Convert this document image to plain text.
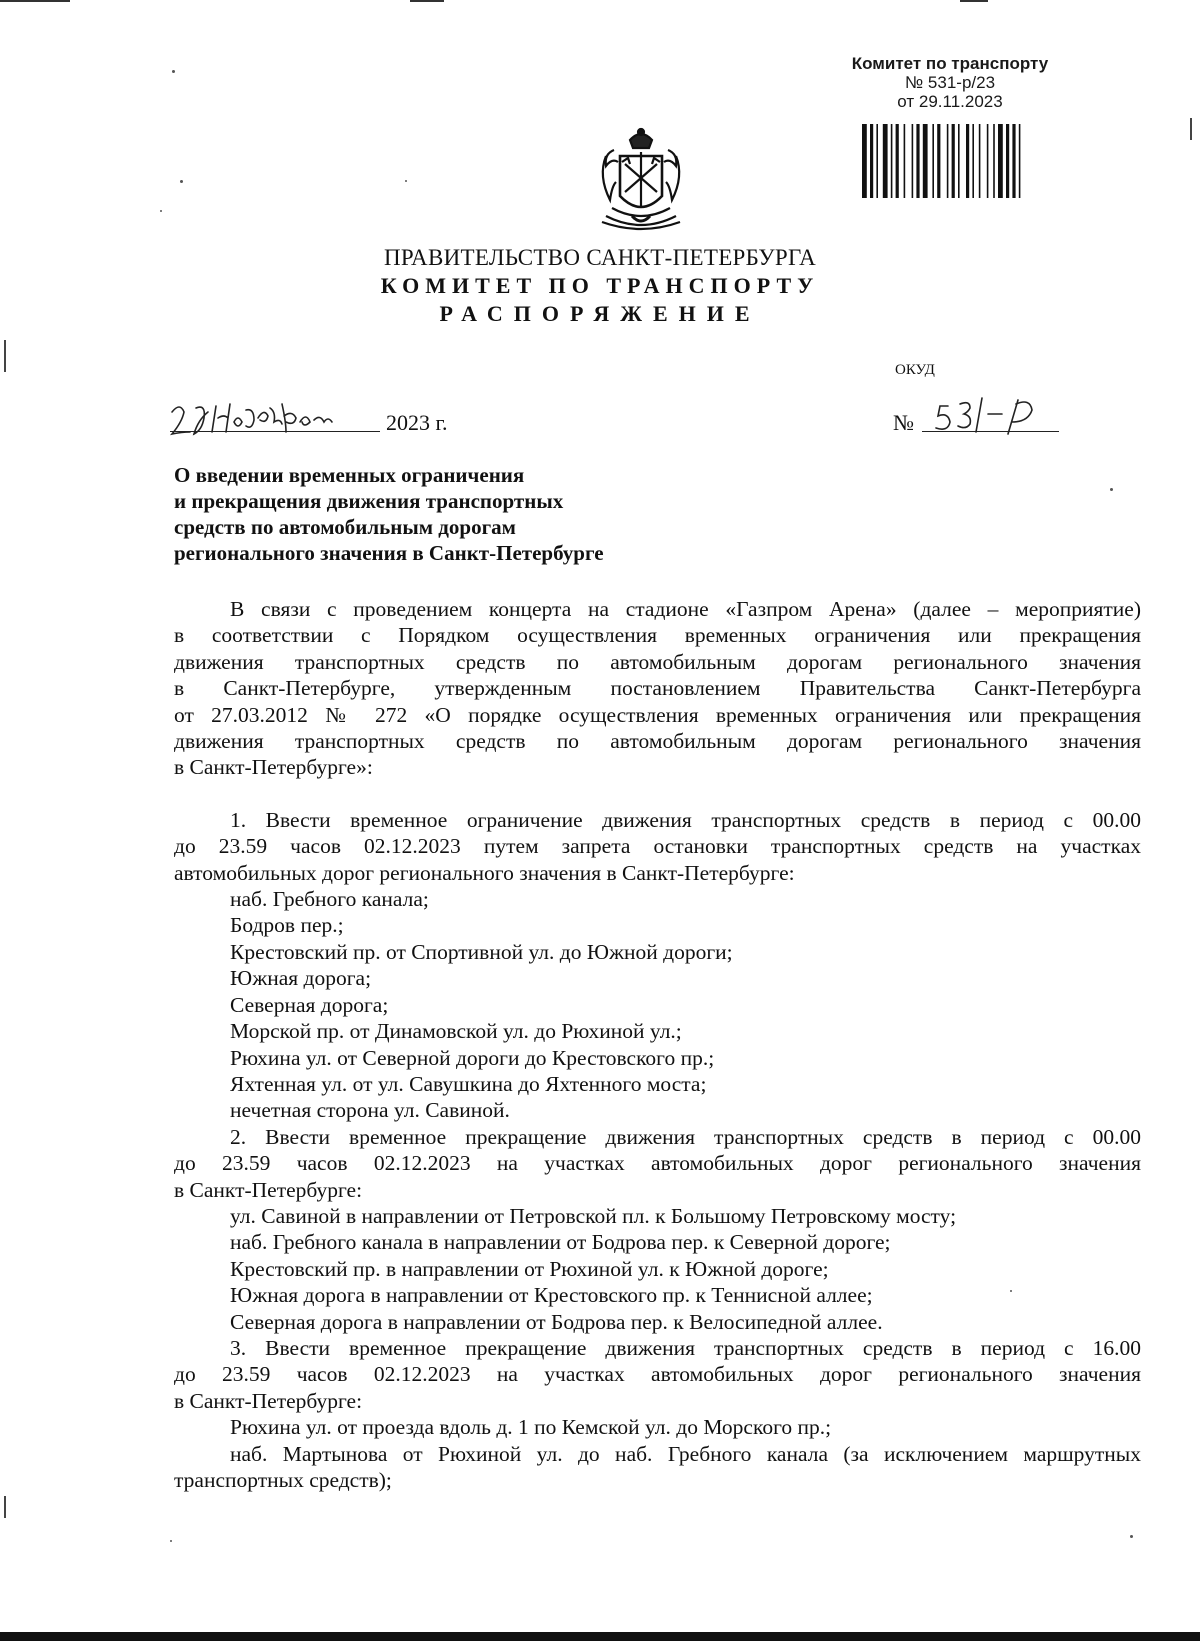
Комитет по транспорту
№ 531-р/23
от 29.11.2023
ПРАВИТЕЛЬСТВО САНКТ-ПЕТЕРБУРГА
КОМИТЕТ ПО ТРАНСПОРТУ
РАСПОРЯЖЕНИЕ
ОКУД
2023 г.	№
О введении временных ограничения
и прекращения движения транспортных
средств по автомобильным дорогам
регионального значения в Санкт-Петербурге
В связи с проведением концерта на стадионе «Газпром Арена» (далее – мероприятие)
в соответствии с Порядком осуществления временных ограничения или прекращения
движения транспортных средств по автомобильным дорогам регионального значения
в Санкт-Петербурге, утвержденным постановлением Правительства Санкт-Петербурга
от 27.03.2012 № 272 «О порядке осуществления временных ограничения или прекращения
движения транспортных средств по автомобильным дорогам регионального значения
в Санкт-Петербурге»:
1. Ввести временное ограничение движения транспортных средств в период с 00.00
до 23.59 часов 02.12.2023 путем запрета остановки транспортных средств на участках
автомобильных дорог регионального значения в Санкт-Петербурге:
наб. Гребного канала;
Бодров пер.;
Крестовский пр. от Спортивной ул. до Южной дороги;
Южная дорога;
Северная дорога;
Морской пр. от Динамовской ул. до Рюхиной ул.;
Рюхина ул. от Северной дороги до Крестовского пр.;
Яхтенная ул. от ул. Савушкина до Яхтенного моста;
нечетная сторона ул. Савиной.
2. Ввести временное прекращение движения транспортных средств в период с 00.00
до 23.59 часов 02.12.2023 на участках автомобильных дорог регионального значения
в Санкт-Петербурге:
ул. Савиной в направлении от Петровской пл. к Большому Петровскому мосту;
наб. Гребного канала в направлении от Бодрова пер. к Северной дороге;
Крестовский пр. в направлении от Рюхиной ул. к Южной дороге;
Южная дорога в направлении от Крестовского пр. к Теннисной аллее;
Северная дорога в направлении от Бодрова пер. к Велосипедной аллее.
3. Ввести временное прекращение движения транспортных средств в период с 16.00
до 23.59 часов 02.12.2023 на участках автомобильных дорог регионального значения
в Санкт-Петербурге:
Рюхина ул. от проезда вдоль д. 1 по Кемской ул. до Морского пр.;
наб. Мартынова от Рюхиной ул. до наб. Гребного канала (за исключением маршрутных
транспортных средств);
